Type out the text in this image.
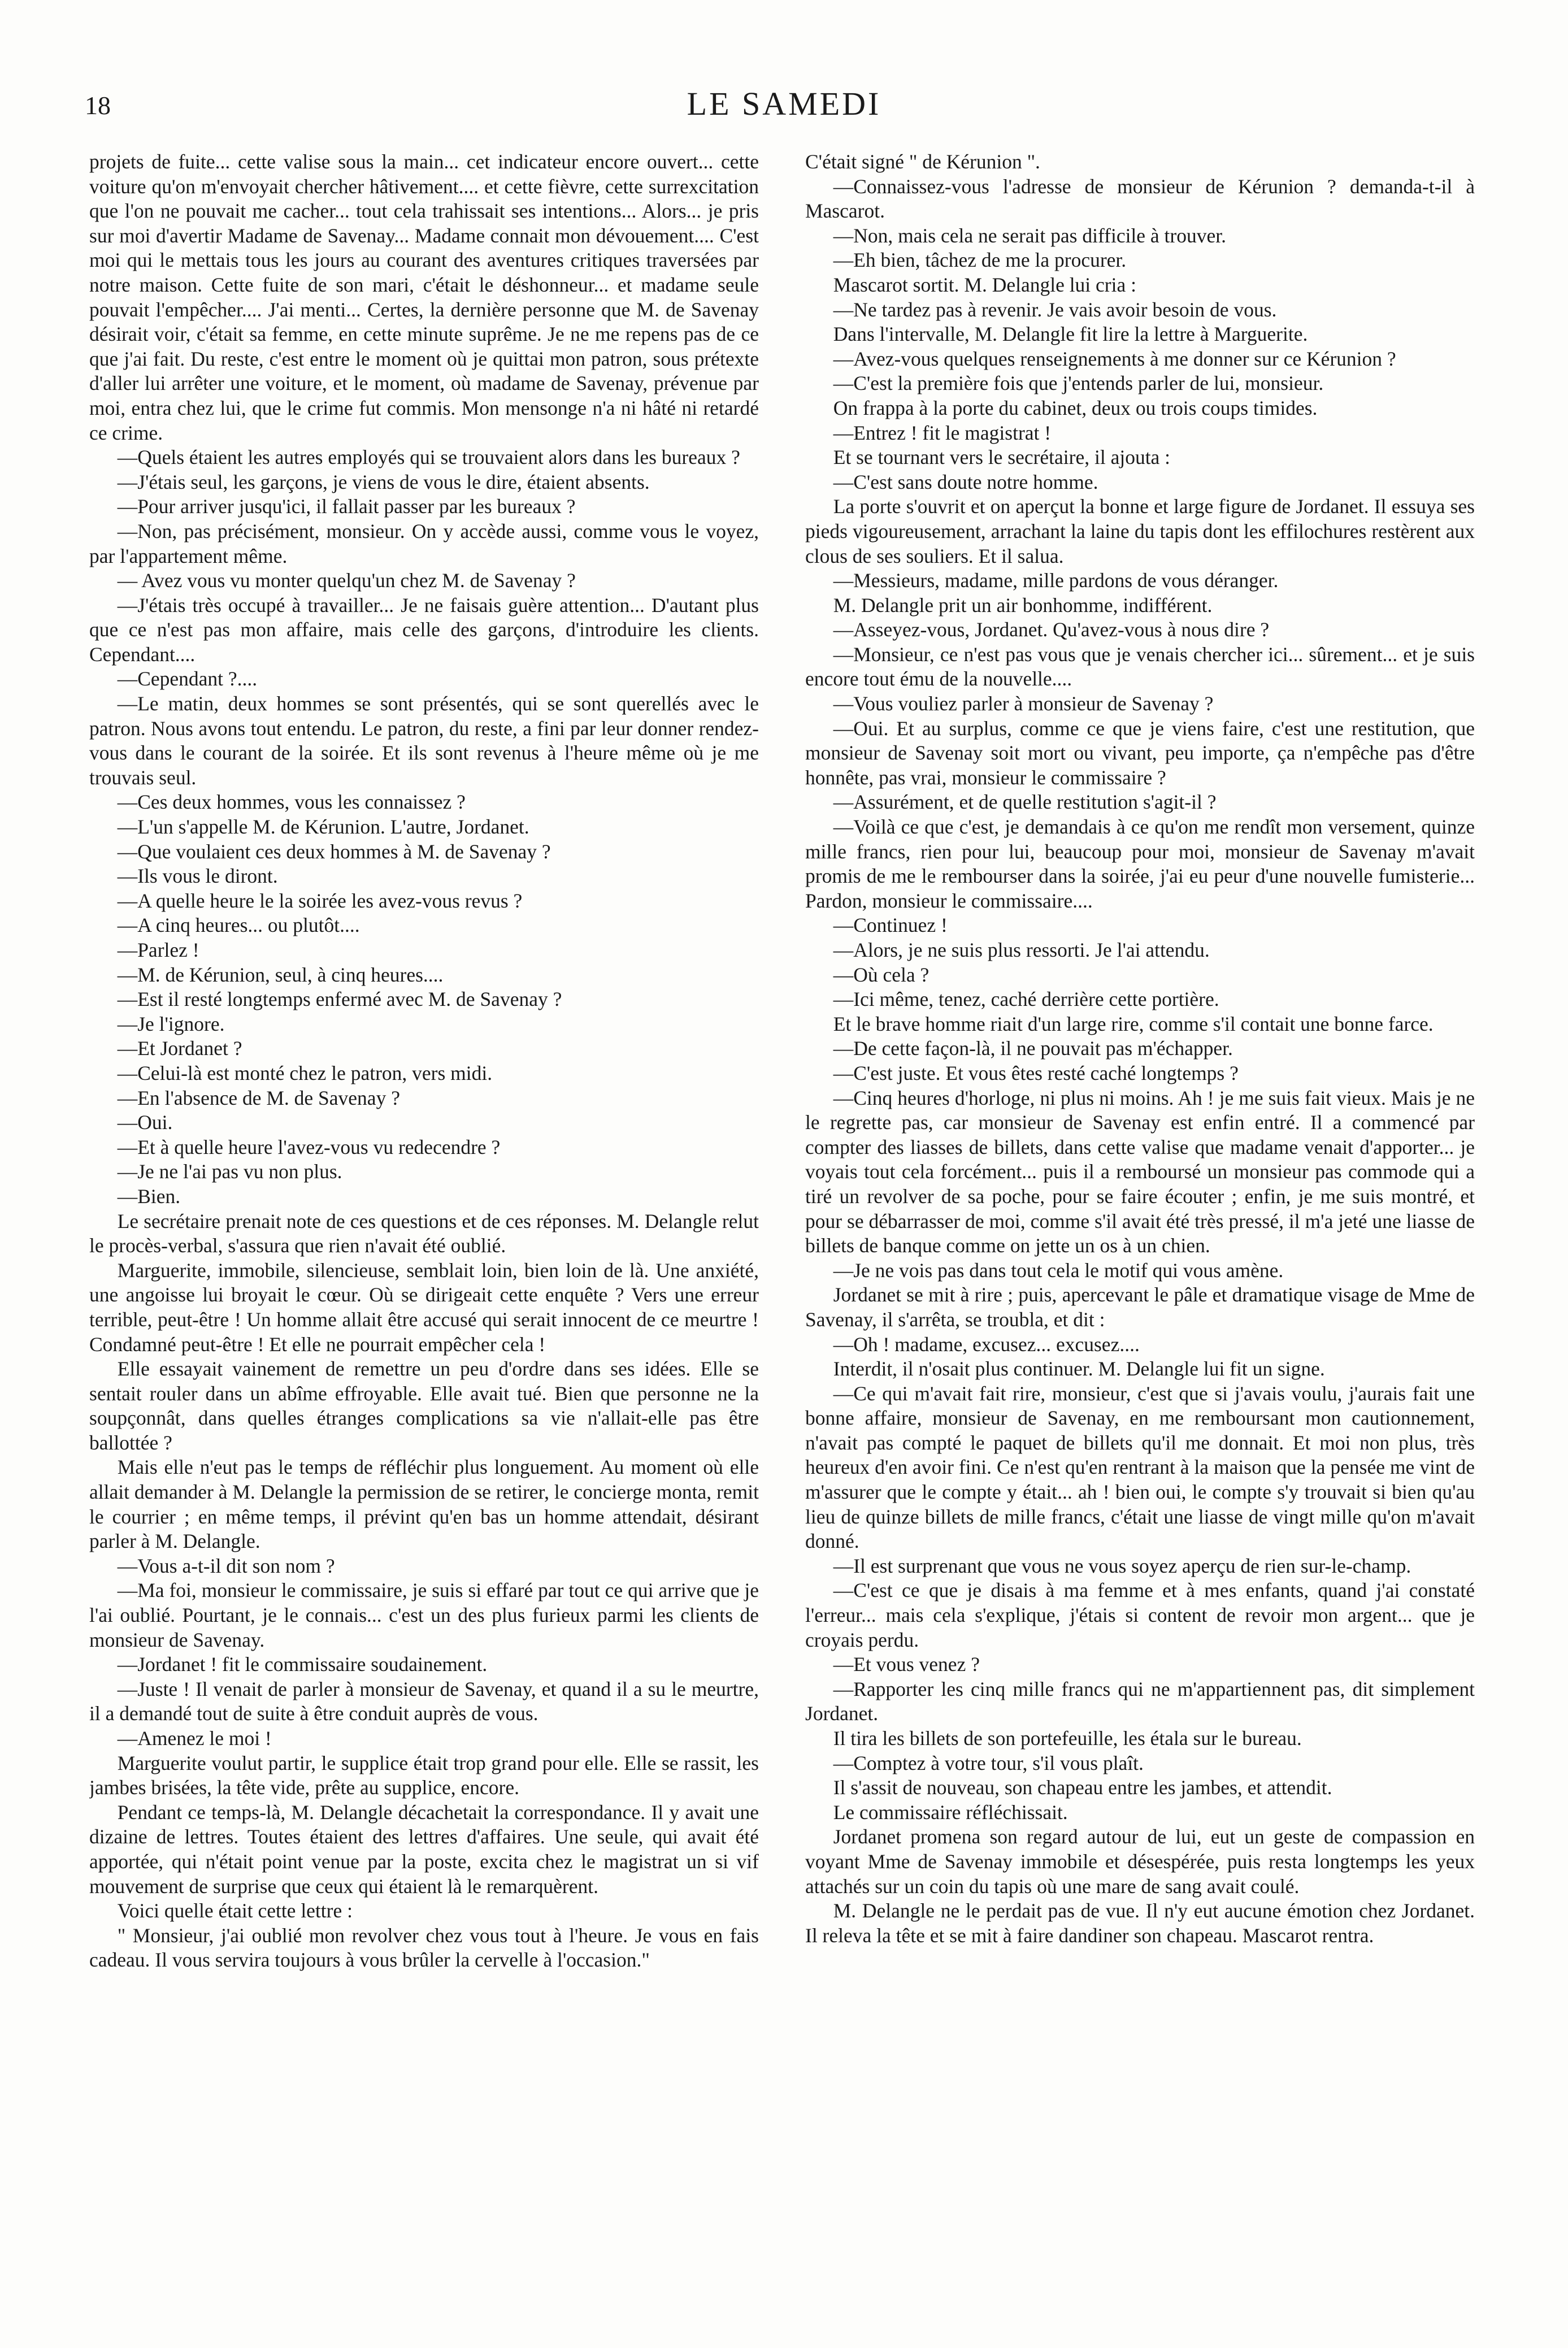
18	LE SAMEDI

projets de fuite... cette valise sous la main... cet indicateur encore ouvert... cette voiture qu'on m'envoyait chercher hâtivement.... et cette fièvre, cette surrexcitation que l'on ne pouvait me cacher... tout cela trahissait ses intentions... Alors... je pris sur moi d'avertir Madame de Savenay... Madame connait mon dévouement.... C'est moi qui le mettais tous les jours au courant des aventures critiques traversées par notre maison. Cette fuite de son mari, c'était le déshonneur... et madame seule pouvait l'empêcher.... J'ai menti... Certes, la dernière personne que M. de Savenay désirait voir, c'était sa femme, en cette minute suprême. Je ne me repens pas de ce que j'ai fait. Du reste, c'est entre le moment où je quittai mon patron, sous prétexte d'aller lui arrêter une voiture, et le moment, où madame de Savenay, prévenue par moi, entra chez lui, que le crime fut commis. Mon mensonge n'a ni hâté ni retardé ce crime.

—Quels étaient les autres employés qui se trouvaient alors dans les bureaux ?

—J'étais seul, les garçons, je viens de vous le dire, étaient absents.

—Pour arriver jusqu'ici, il fallait passer par les bureaux ?

—Non, pas précisément, monsieur. On y accède aussi, comme vous le voyez, par l'appartement même.

— Avez vous vu monter quelqu'un chez M. de Savenay ?

—J'étais très occupé à travailler... Je ne faisais guère attention... D'autant plus que ce n'est pas mon affaire, mais celle des garçons, d'introduire les clients. Cependant....

—Cependant ?....

—Le matin, deux hommes se sont présentés, qui se sont querellés avec le patron. Nous avons tout entendu. Le patron, du reste, a fini par leur donner rendez-vous dans le courant de la soirée. Et ils sont revenus à l'heure même où je me trouvais seul.

—Ces deux hommes, vous les connaissez ?

—L'un s'appelle M. de Kérunion. L'autre, Jordanet.

—Que voulaient ces deux hommes à M. de Savenay ?

—Ils vous le diront.

—A quelle heure le la soirée les avez-vous revus ?

—A cinq heures... ou plutôt....

—Parlez !

—M. de Kérunion, seul, à cinq heures....

—Est il resté longtemps enfermé avec M. de Savenay ?

—Je l'ignore.

—Et Jordanet ?

—Celui-là est monté chez le patron, vers midi.

—En l'absence de M. de Savenay ?

—Oui.

—Et à quelle heure l'avez-vous vu redecendre ?

—Je ne l'ai pas vu non plus.

—Bien.

Le secrétaire prenait note de ces questions et de ces réponses. M. Delangle relut le procès-verbal, s'assura que rien n'avait été oublié.

Marguerite, immobile, silencieuse, semblait loin, bien loin de là. Une anxiété, une angoisse lui broyait le cœur. Où se dirigeait cette enquête ? Vers une erreur terrible, peut-être ! Un homme allait être accusé qui serait innocent de ce meurtre ! Condamné peut-être ! Et elle ne pourrait empêcher cela !

Elle essayait vainement de remettre un peu d'ordre dans ses idées. Elle se sentait rouler dans un abîme effroyable. Elle avait tué. Bien que personne ne la soupçonnât, dans quelles étranges complications sa vie n'allait-elle pas être ballottée ?

Mais elle n'eut pas le temps de réfléchir plus longuement. Au moment où elle allait demander à M. Delangle la permission de se retirer, le concierge monta, remit le courrier ; en même temps, il prévint qu'en bas un homme attendait, désirant parler à M. Delangle.

—Vous a-t-il dit son nom ?

—Ma foi, monsieur le commissaire, je suis si effaré par tout ce qui arrive que je l'ai oublié. Pourtant, je le connais... c'est un des plus furieux parmi les clients de monsieur de Savenay.

—Jordanet ! fit le commissaire soudainement.

—Juste ! Il venait de parler à monsieur de Savenay, et quand il a su le meurtre, il a demandé tout de suite à être conduit auprès de vous.

—Amenez le moi !

Marguerite voulut partir, le supplice était trop grand pour elle. Elle se rassit, les jambes brisées, la tête vide, prête au supplice, encore.

Pendant ce temps-là, M. Delangle décachetait la correspondance. Il y avait une dizaine de lettres. Toutes étaient des lettres d'affaires. Une seule, qui avait été apportée, qui n'était point venue par la poste, excita chez le magistrat un si vif mouvement de surprise que ceux qui étaient là le remarquèrent.

Voici quelle était cette lettre :

" Monsieur, j'ai oublié mon revolver chez vous tout à l'heure. Je vous en fais cadeau. Il vous servira toujours à vous brûler la cervelle à l'occasion."

C'était signé " de Kérunion ".

—Connaissez-vous l'adresse de monsieur de Kérunion ? demanda-t-il à Mascarot.

—Non, mais cela ne serait pas difficile à trouver.

—Eh bien, tâchez de me la procurer.

Mascarot sortit. M. Delangle lui cria :

—Ne tardez pas à revenir. Je vais avoir besoin de vous.

Dans l'intervalle, M. Delangle fit lire la lettre à Marguerite.

—Avez-vous quelques renseignements à me donner sur ce Kérunion ?

—C'est la première fois que j'entends parler de lui, monsieur.

On frappa à la porte du cabinet, deux ou trois coups timides.

—Entrez ! fit le magistrat !

Et se tournant vers le secrétaire, il ajouta :

—C'est sans doute notre homme.

La porte s'ouvrit et on aperçut la bonne et large figure de Jordanet. Il essuya ses pieds vigoureusement, arrachant la laine du tapis dont les effilochures restèrent aux clous de ses souliers. Et il salua.

—Messieurs, madame, mille pardons de vous déranger.

M. Delangle prit un air bonhomme, indifférent.

—Asseyez-vous, Jordanet. Qu'avez-vous à nous dire ?

—Monsieur, ce n'est pas vous que je venais chercher ici... sûrement... et je suis encore tout ému de la nouvelle....

—Vous vouliez parler à monsieur de Savenay ?

—Oui. Et au surplus, comme ce que je viens faire, c'est une restitution, que monsieur de Savenay soit mort ou vivant, peu importe, ça n'empêche pas d'être honnête, pas vrai, monsieur le commissaire ?

—Assurément, et de quelle restitution s'agit-il ?

—Voilà ce que c'est, je demandais à ce qu'on me rendît mon versement, quinze mille francs, rien pour lui, beaucoup pour moi, monsieur de Savenay m'avait promis de me le rembourser dans la soirée, j'ai eu peur d'une nouvelle fumisterie... Pardon, monsieur le commissaire....

—Continuez !

—Alors, je ne suis plus ressorti. Je l'ai attendu.

—Où cela ?

—Ici même, tenez, caché derrière cette portière.

Et le brave homme riait d'un large rire, comme s'il contait une bonne farce.

—De cette façon-là, il ne pouvait pas m'échapper.

—C'est juste. Et vous êtes resté caché longtemps ?

—Cinq heures d'horloge, ni plus ni moins. Ah ! je me suis fait vieux. Mais je ne le regrette pas, car monsieur de Savenay est enfin entré. Il a commencé par compter des liasses de billets, dans cette valise que madame venait d'apporter... je voyais tout cela forcément... puis il a remboursé un monsieur pas commode qui a tiré un revolver de sa poche, pour se faire écouter ; enfin, je me suis montré, et pour se débarrasser de moi, comme s'il avait été très pressé, il m'a jeté une liasse de billets de banque comme on jette un os à un chien.

—Je ne vois pas dans tout cela le motif qui vous amène.

Jordanet se mit à rire ; puis, apercevant le pâle et dramatique visage de Mme de Savenay, il s'arrêta, se troubla, et dit :

—Oh ! madame, excusez... excusez....

Interdit, il n'osait plus continuer. M. Delangle lui fit un signe.

—Ce qui m'avait fait rire, monsieur, c'est que si j'avais voulu, j'aurais fait une bonne affaire, monsieur de Savenay, en me remboursant mon cautionnement, n'avait pas compté le paquet de billets qu'il me donnait. Et moi non plus, très heureux d'en avoir fini. Ce n'est qu'en rentrant à la maison que la pensée me vint de m'assurer que le compte y était... ah ! bien oui, le compte s'y trouvait si bien qu'au lieu de quinze billets de mille francs, c'était une liasse de vingt mille qu'on m'avait donné.

—Il est surprenant que vous ne vous soyez aperçu de rien sur-le-champ.

—C'est ce que je disais à ma femme et à mes enfants, quand j'ai constaté l'erreur... mais cela s'explique, j'étais si content de revoir mon argent... que je croyais perdu.

—Et vous venez ?

—Rapporter les cinq mille francs qui ne m'appartiennent pas, dit simplement Jordanet.

Il tira les billets de son portefeuille, les étala sur le bureau.

—Comptez à votre tour, s'il vous plaît.

Il s'assit de nouveau, son chapeau entre les jambes, et attendit.

Le commissaire réfléchissait.

Jordanet promena son regard autour de lui, eut un geste de compassion en voyant Mme de Savenay immobile et désespérée, puis resta longtemps les yeux attachés sur un coin du tapis où une mare de sang avait coulé.

M. Delangle ne le perdait pas de vue. Il n'y eut aucune émotion chez Jordanet. Il releva la tête et se mit à faire dandiner son chapeau. Mascarot rentra.
